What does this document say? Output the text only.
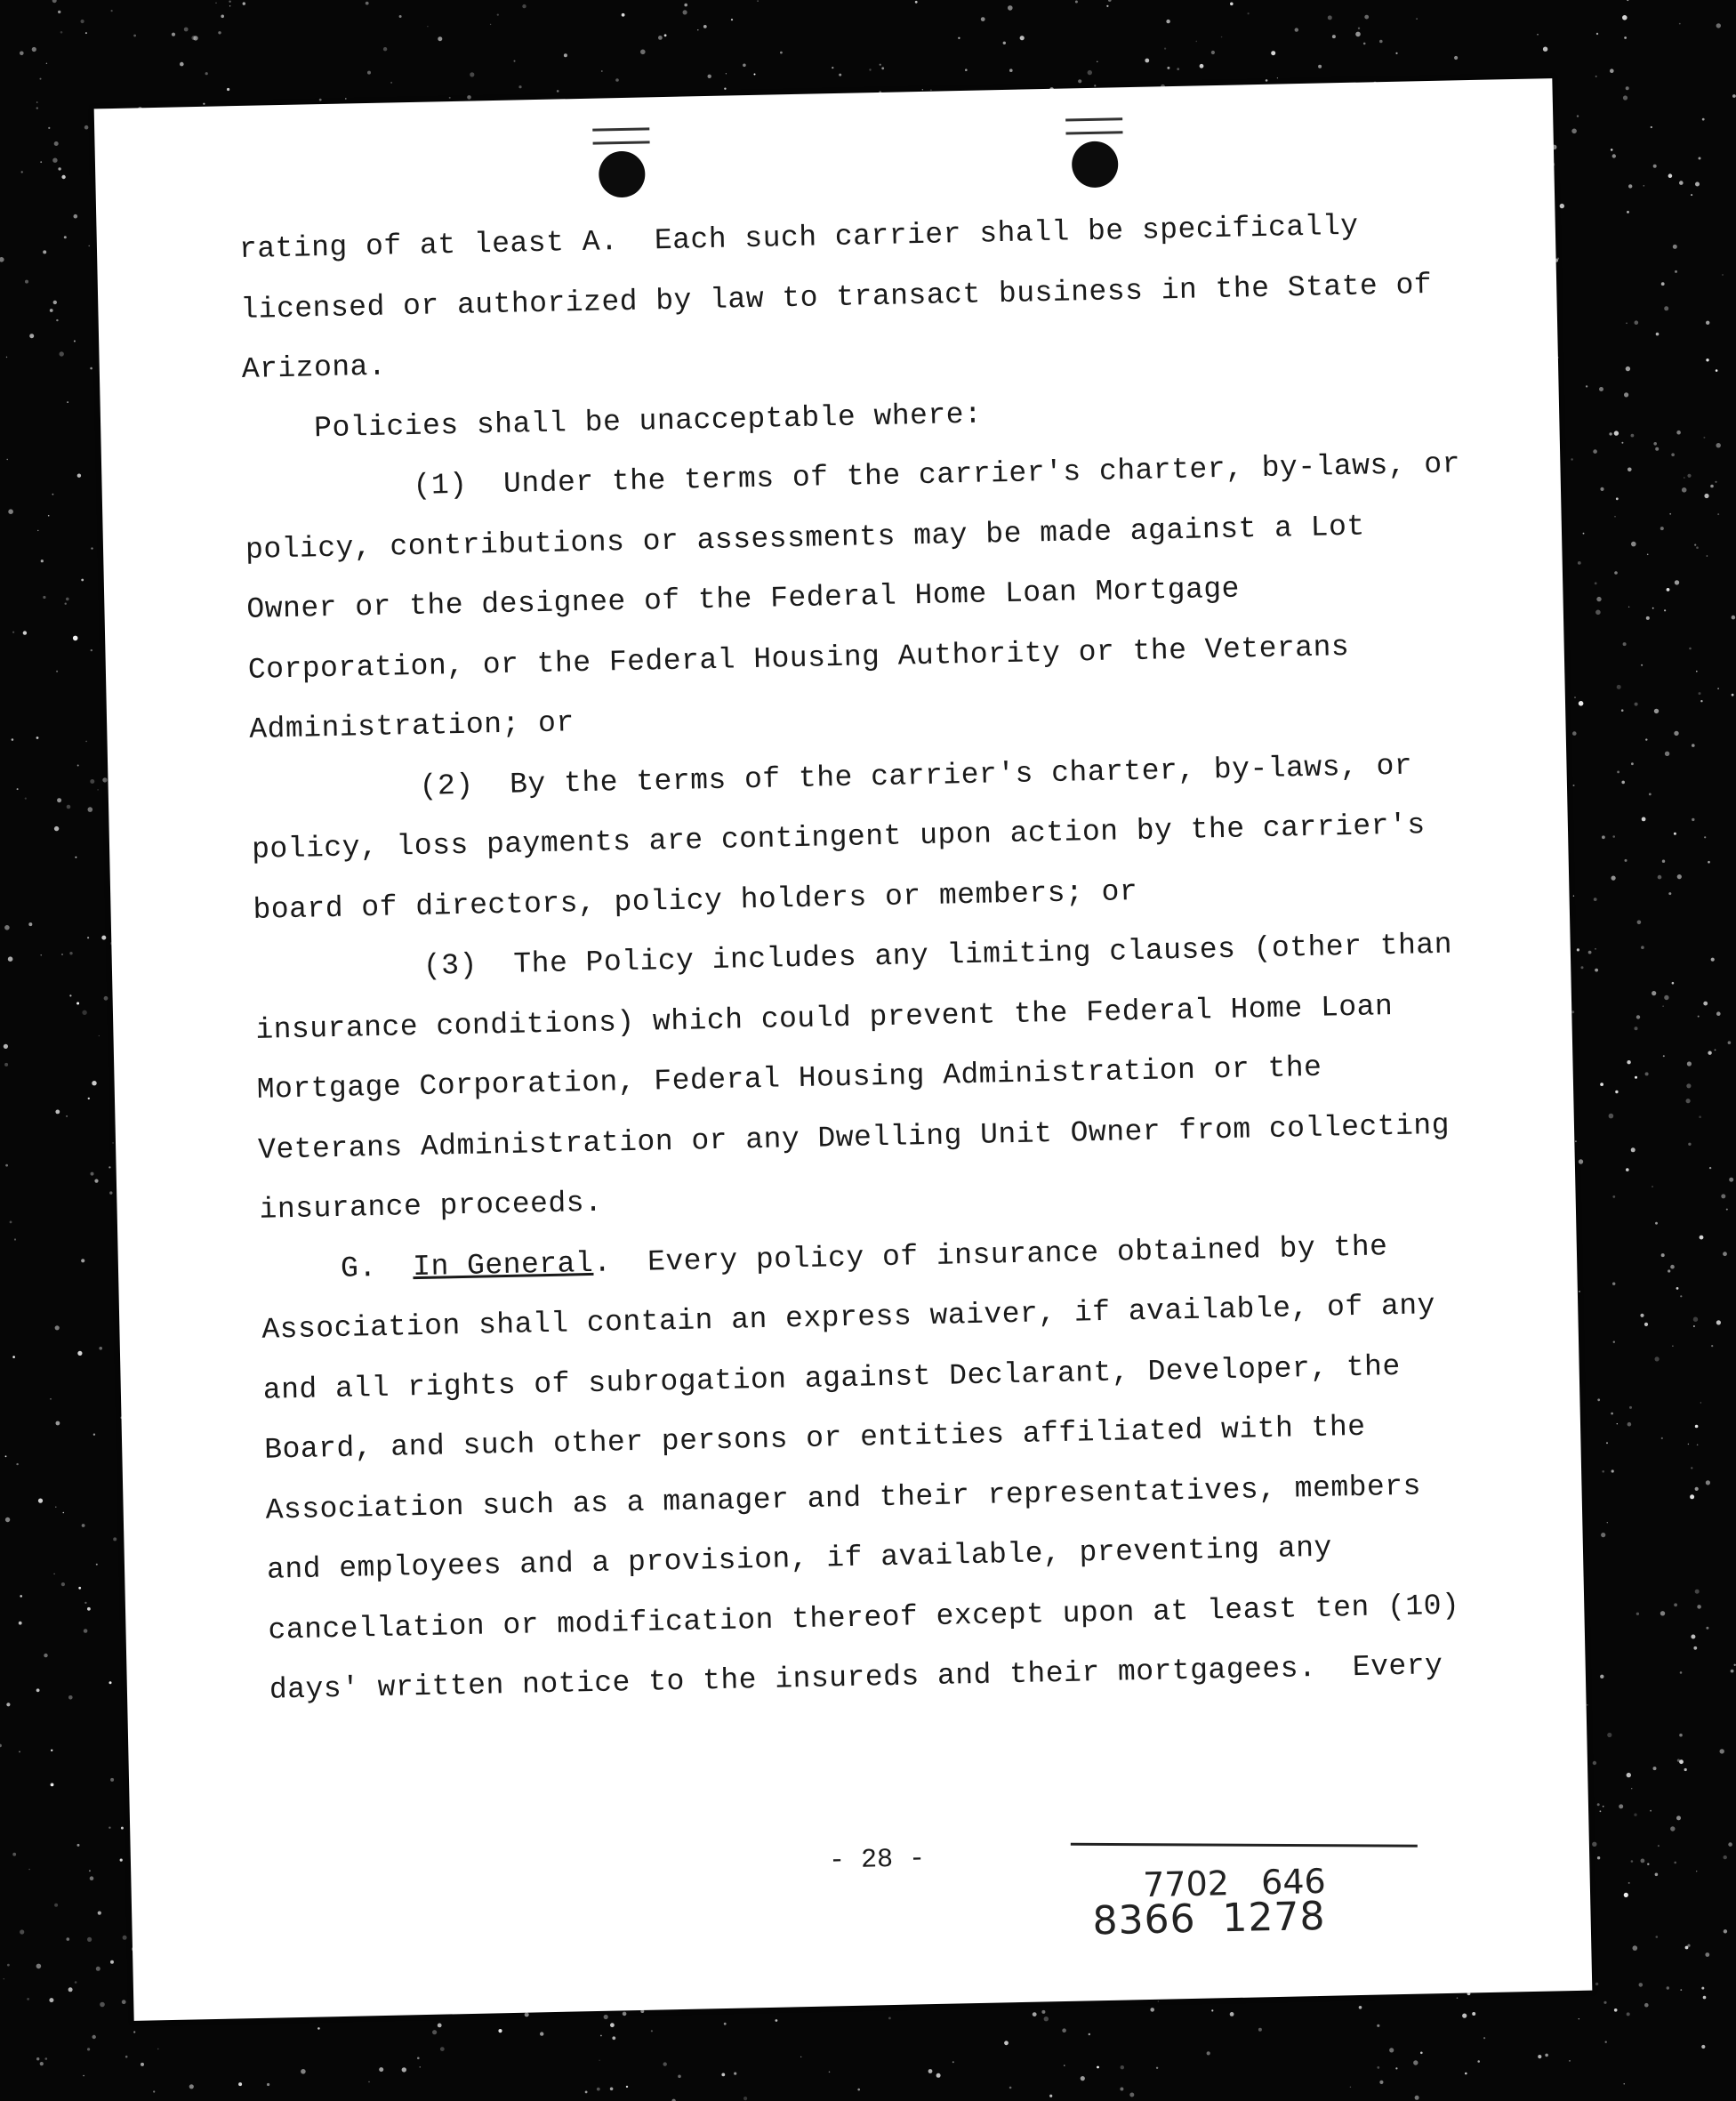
rating of at least A.  Each such carrier shall be specifically
licensed or authorized by law to transact business in the State of
Arizona.
Policies shall be unacceptable where:
(1)  Under the terms of the carrier's charter, by-laws, or
policy, contributions or assessments may be made against a Lot
Owner or the designee of the Federal Home Loan Mortgage
Corporation, or the Federal Housing Authority or the Veterans
Administration; or
(2)  By the terms of the carrier's charter, by-laws, or
policy, loss payments are contingent upon action by the carrier's
board of directors, policy holders or members; or
(3)  The Policy includes any limiting clauses (other than
insurance conditions) which could prevent the Federal Home Loan
Mortgage Corporation, Federal Housing Administration or the
Veterans Administration or any Dwelling Unit Owner from collecting
insurance proceeds.
G. In General.  Every policy of insurance obtained by the
Association shall contain an express waiver, if available, of any
and all rights of subrogation against Declarant, Developer, the
Board, and such other persons or entities affiliated with the
Association such as a manager and their representatives, members
and employees and a provision, if available, preventing any
cancellation or modification thereof except upon at least ten (10)
days' written notice to the insureds and their mortgagees.  Every
- 28 -

7702   646

8366  1278
